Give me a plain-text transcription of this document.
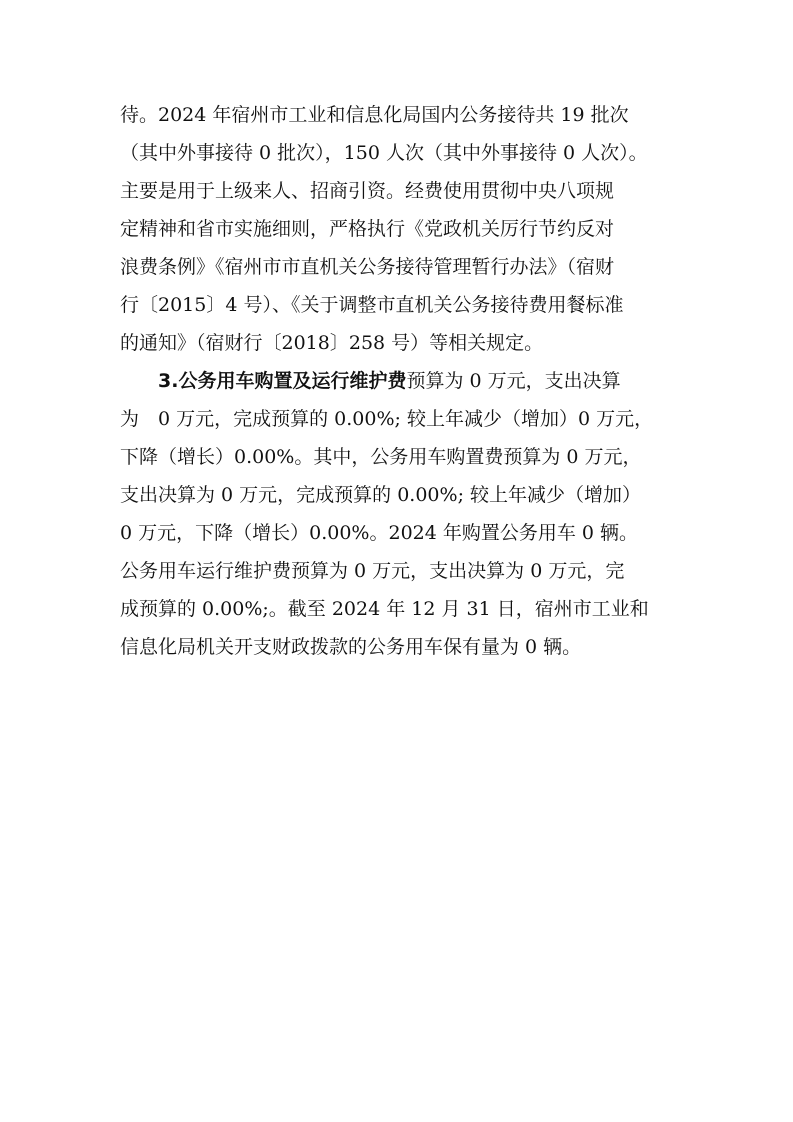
待。2024 年宿州市工业和信息化局国内公务接待共 19 批次
（其中外事接待 0 批次），150 人次（其中外事接待 0 人次）。
主要是用于上级来人、招商引资。经费使用贯彻中央八项规
定精神和省市实施细则，严格执行《党政机关厉行节约反对
浪费条例》《宿州市市直机关公务接待管理暂行办法》（宿财
行〔2015〕4 号）、《关于调整市直机关公务接待费用餐标准
的通知》（宿财行〔2018〕258 号）等相关规定。
3.公务用车购置及运行维护费 预算为 0 万元，支出决算
为　0 万元，完成预算的 0.00%; 较上年减少（增加）0 万元，
下降（增长）0.00%。其中，公务用车购置费预算为 0 万元，
支出决算为 0 万元，完成预算的 0.00%; 较上年减少（增加）
0 万元，下降（增长）0.00%。2024 年购置公务用车 0 辆。
公务用车运行维护费预算为 0 万元，支出决算为 0 万元，完
成预算的 0.00%;。截至 2024 年 12 月 31 日，宿州市工业和
信息化局机关开支财政拨款的公务用车保有量为 0 辆。
